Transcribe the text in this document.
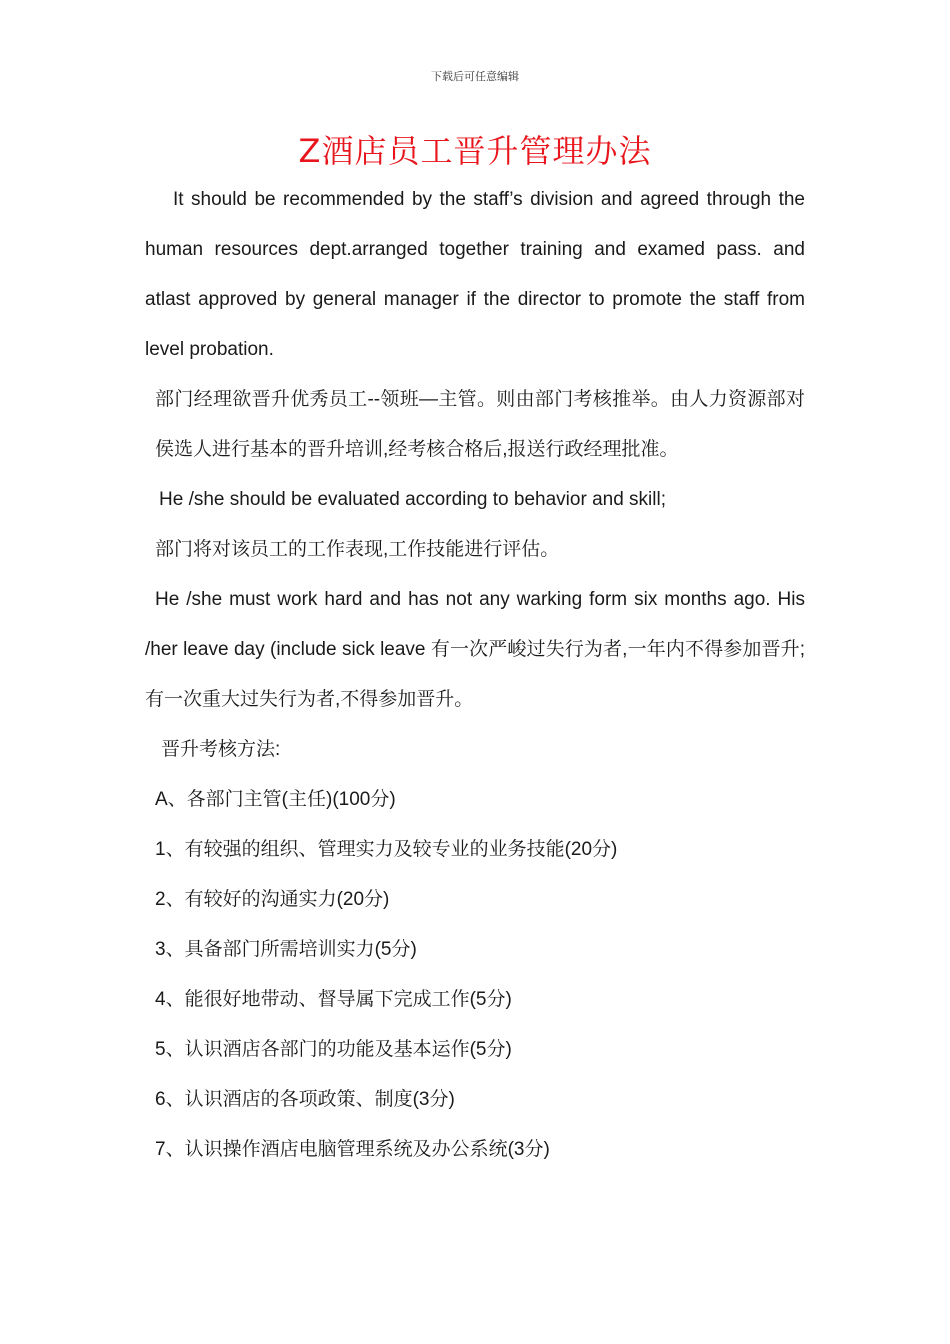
下载后可任意编辑
Z酒店员工晋升管理办法

It should be recommended by the staff’s division and agreed through the human resources dept.arranged together training and examed pass. and atlast approved by general manager if the director to promote the staff from level probation.

部门经理欲晋升优秀员工--领班—主管。则由部门考核推举。由人力资源部对侯选人进行基本的晋升培训,经考核合格后,报送行政经理批准。

He /she should be evaluated according to behavior and skill;

部门将对该员工的工作表现,工作技能进行评估。

He /she must work hard and has not any warking form six months ago. His /her leave day (include sick leave 有一次严峻过失行为者,一年内不得参加晋升;有一次重大过失行为者,不得参加晋升。

晋升考核方法:

A、各部门主管(主任)(100分)

1、有较强的组织、管理实力及较专业的业务技能(20分)

2、有较好的沟通实力(20分)

3、具备部门所需培训实力(5分)

4、能很好地带动、督导属下完成工作(5分)

5、认识酒店各部门的功能及基本运作(5分)

6、认识酒店的各项政策、制度(3分)

7、认识操作酒店电脑管理系统及办公系统(3分)
